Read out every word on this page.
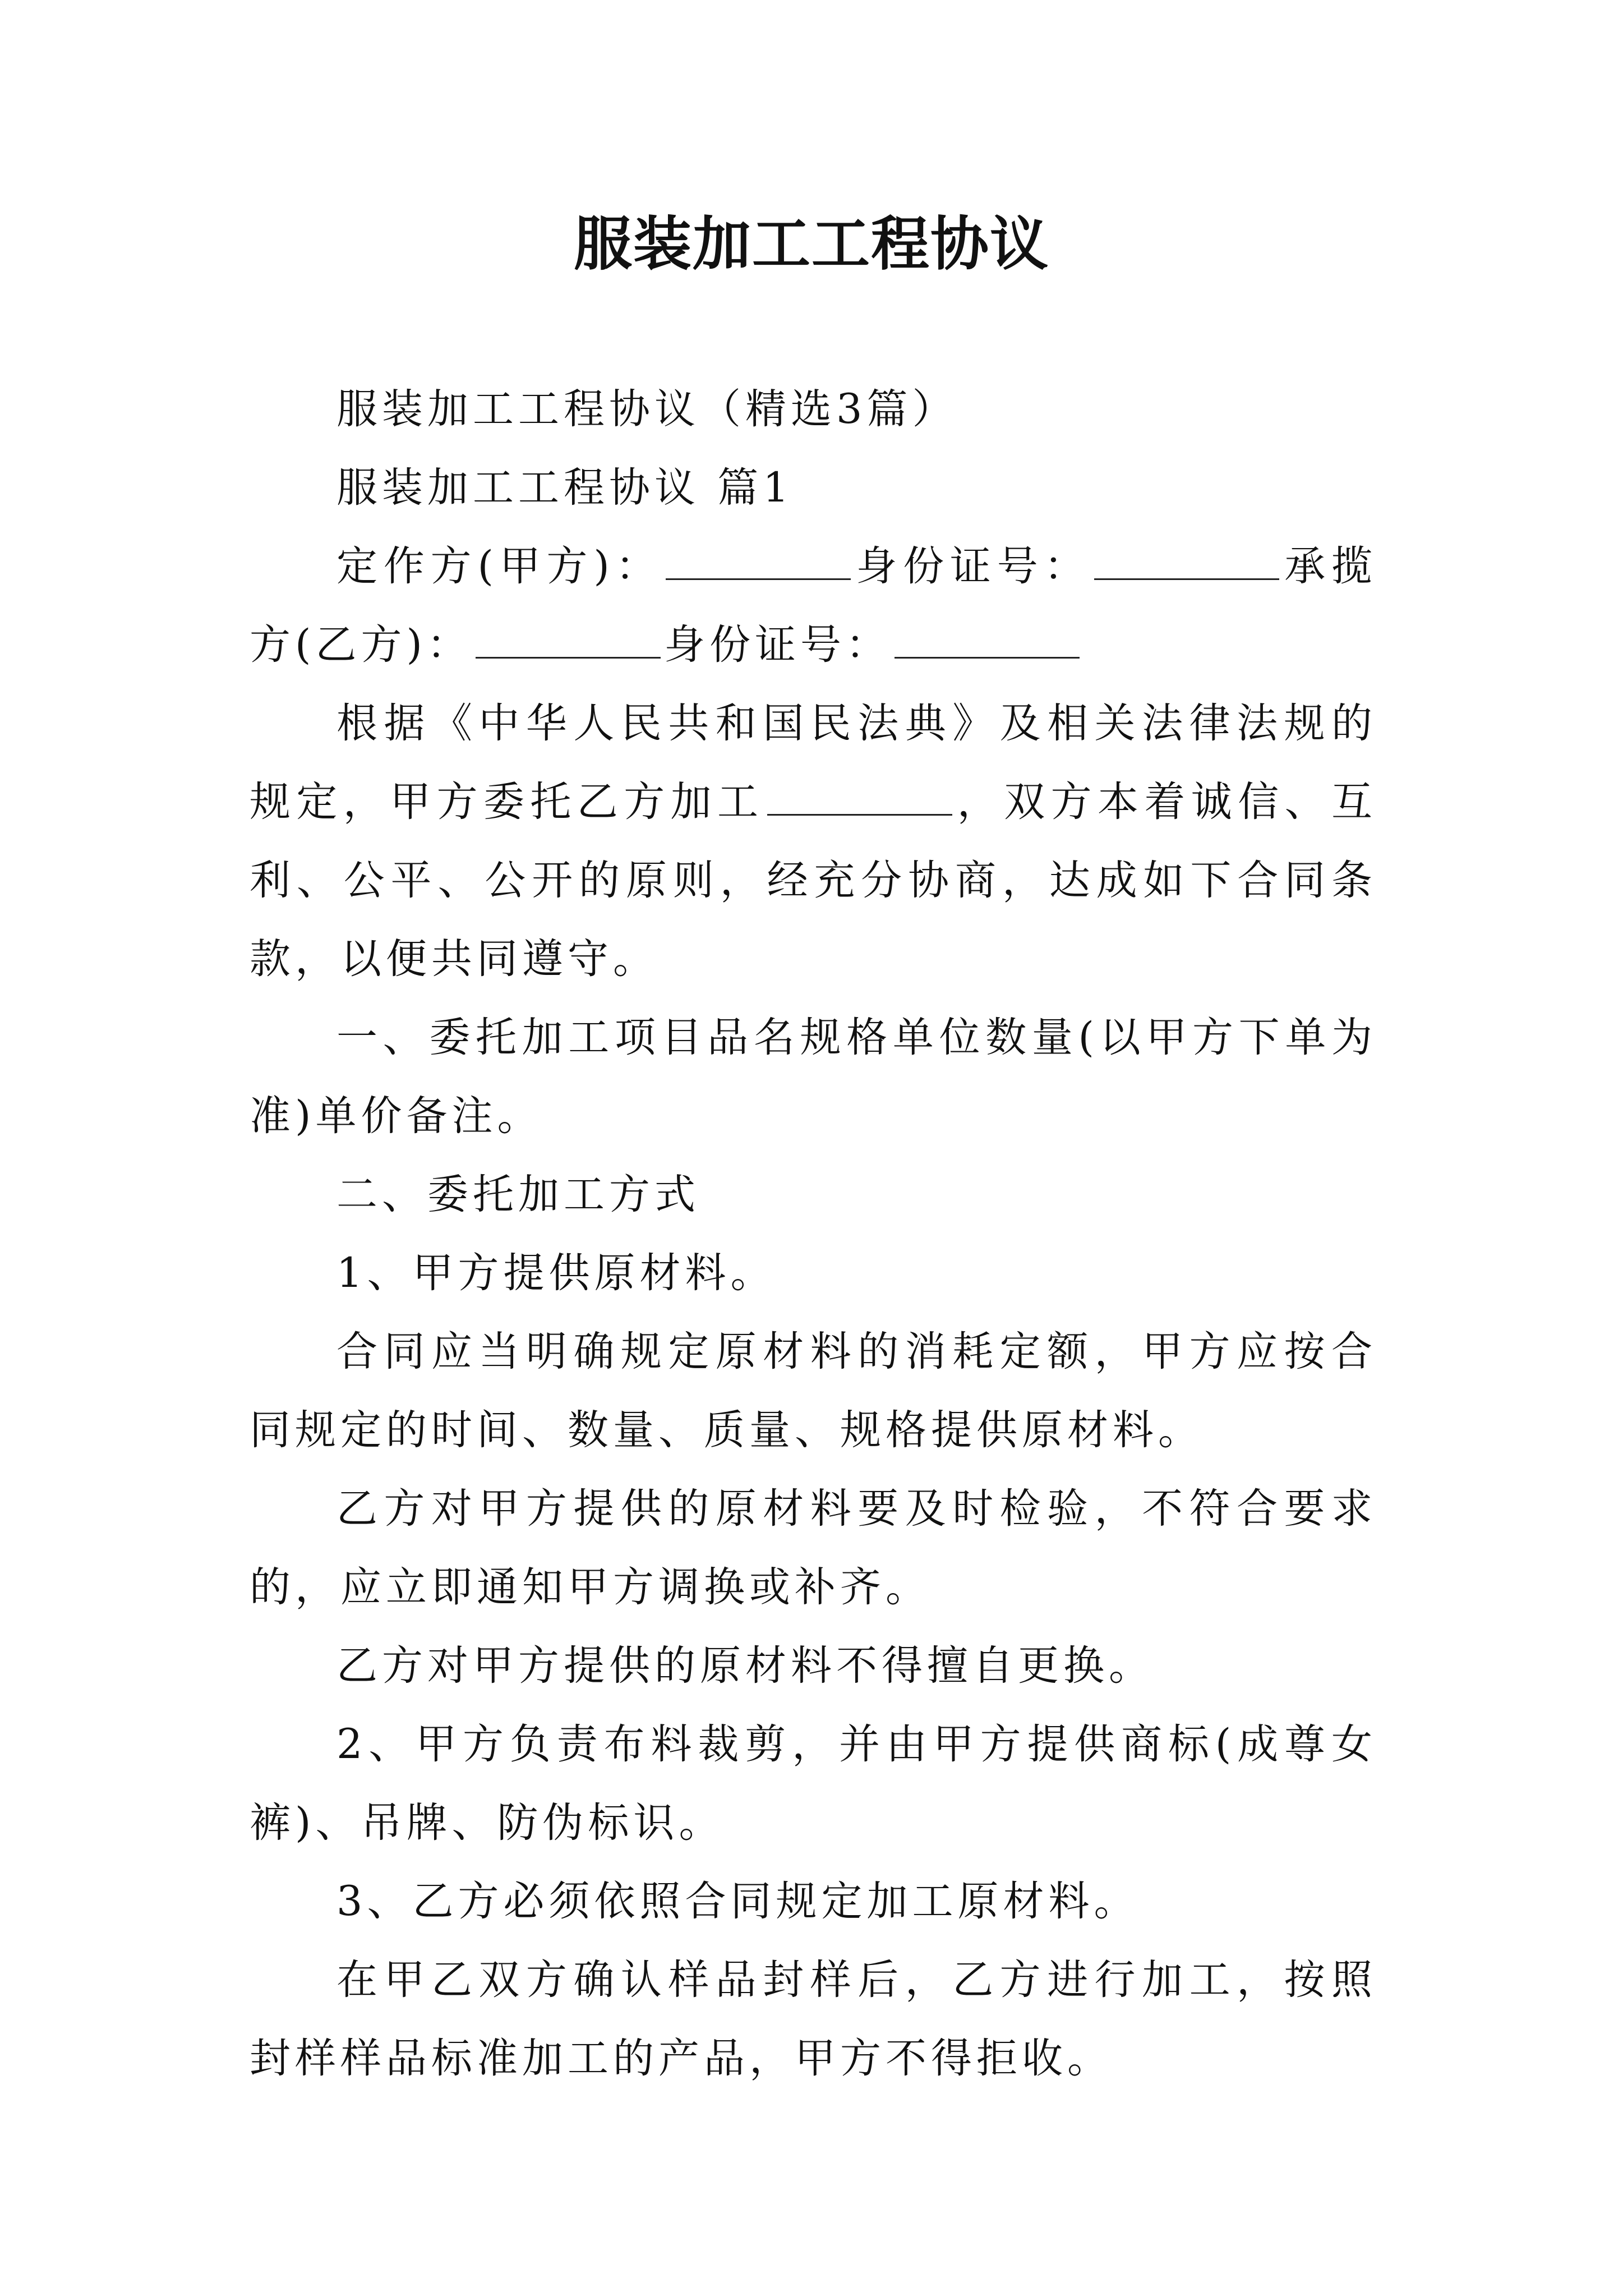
服装加工工程协议

服装加工工程协议（精选3篇）

服装加工工程协议 篇1

定作方(甲方)：	身份证号：	承揽方(乙方)：	身份证号：

根据《中华人民共和国民法典》及相关法律法规的规定，甲方委托乙方加工	，双方本着诚信、互利、公平、公开的原则，经充分协商，达成如下合同条款，以便共同遵守。

一、委托加工项目品名规格单位数量(以甲方下单为准)单价备注。

二、委托加工方式

1、甲方提供原材料。

合同应当明确规定原材料的消耗定额，甲方应按合同规定的时间、数量、质量、规格提供原材料。

乙方对甲方提供的原材料要及时检验，不符合要求的，应立即通知甲方调换或补齐。

乙方对甲方提供的原材料不得擅自更换。

2、甲方负责布料裁剪，并由甲方提供商标(成尊女裤)、吊牌、防伪标识。

3、乙方必须依照合同规定加工原材料。

在甲乙双方确认样品封样后，乙方进行加工，按照封样样品标准加工的产品，甲方不得拒收。
